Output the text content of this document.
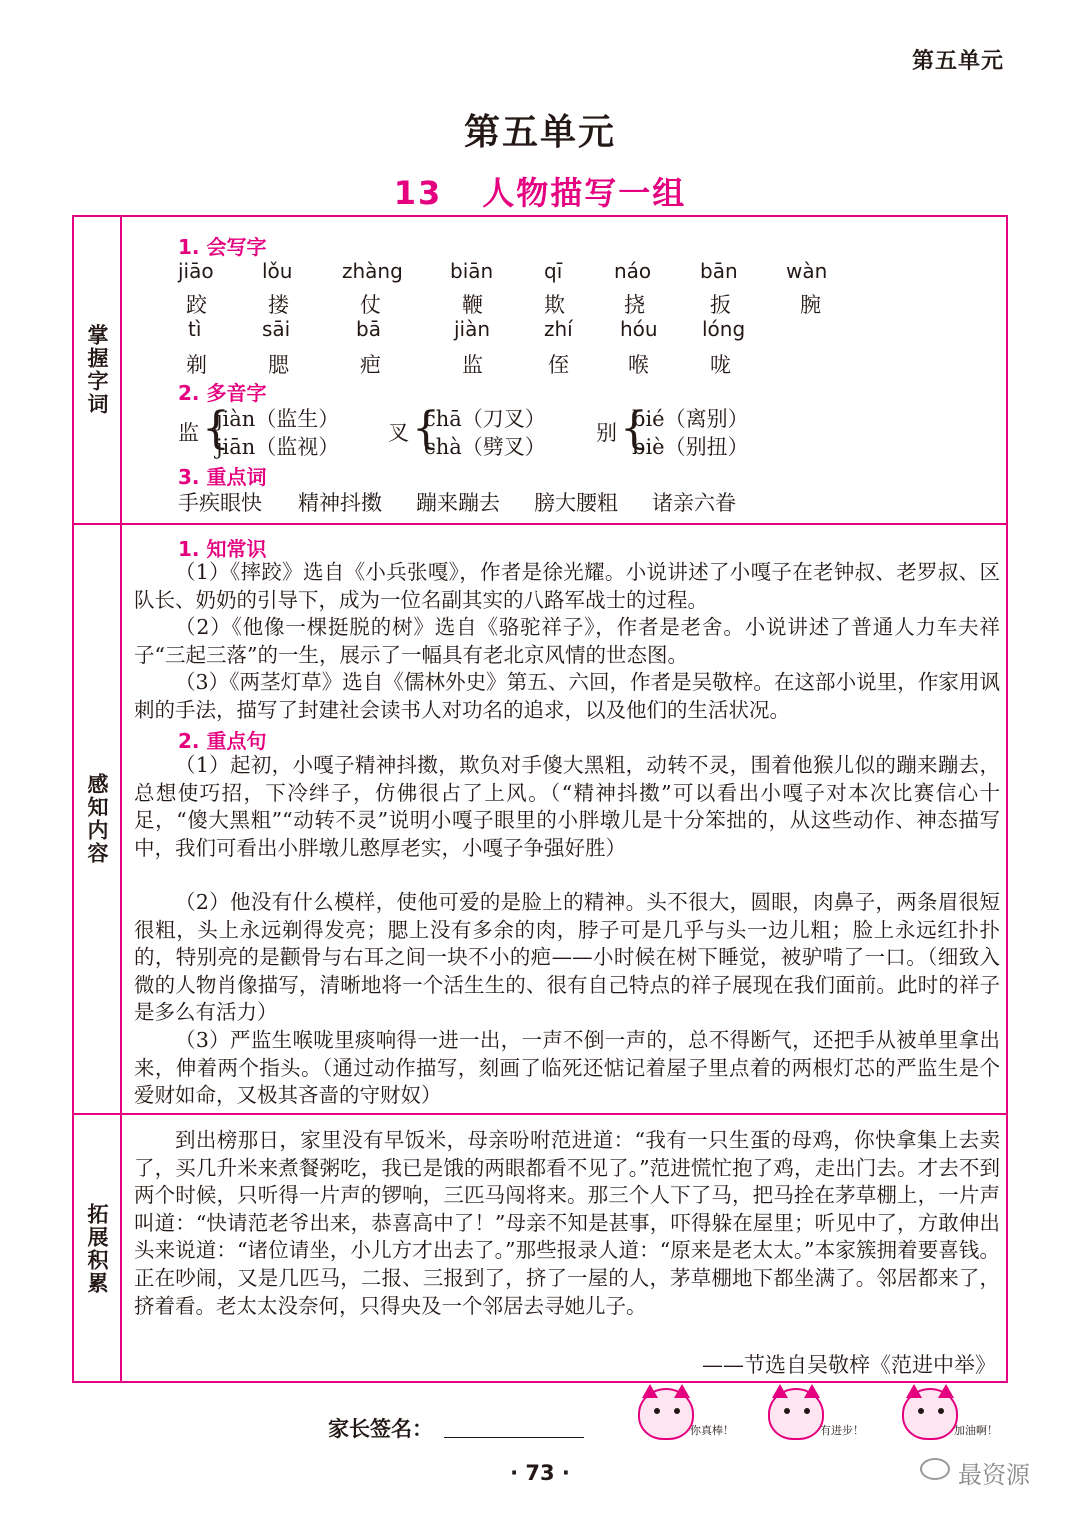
第五单元
第五单元
13 人物描写一组
掌握字词
感知内容
拓展积累
1. 会写字
jiāo lǒu zhàng biān	qī	náo bān wàn
跤	搂	仗	鞭	欺	挠	扳	腕
tì	sāi	bā	jiàn	zhí hóu lóng
剃	腮	疤	监	侄	喉	咙
2. 多音字
监 {
jiàn（监生）
jiān（监视）
叉 {
chā（刀叉）
chà（劈叉）
别 {
bié（离别）
biè（别扭）
3. 重点词
手疾眼快 精神抖擞 蹦来蹦去 膀大腰粗 诸亲六眷
1. 知常识
（1）《摔跤》选自《小兵张嘎》，作者是徐光耀。小说讲述了小嘎子在老钟叔、老罗叔、区队长、奶奶的引导下，成为一位名副其实的八路军战士的过程。
（2）《他像一棵挺脱的树》选自《骆驼祥子》，作者是老舍。小说讲述了普通人力车夫祥子“三起三落”的一生，展示了一幅具有老北京风情的世态图。
（3）《两茎灯草》选自《儒林外史》第五、六回，作者是吴敬梓。在这部小说里，作家用讽刺的手法，描写了封建社会读书人对功名的追求，以及他们的生活状况。
2. 重点句
（1）起初，小嘎子精神抖擞，欺负对手傻大黑粗，动转不灵，围着他猴儿似的蹦来蹦去，总想使巧招，下冷绊子，仿佛很占了上风。（“精神抖擞”可以看出小嘎子对本次比赛信心十足，“傻大黑粗”“动转不灵”说明小嘎子眼里的小胖墩儿是十分笨拙的，从这些动作、神态描写中，我们可看出小胖墩儿憨厚老实，小嘎子争强好胜）
（2）他没有什么模样，使他可爱的是脸上的精神。头不很大，圆眼，肉鼻子，两条眉很短很粗，头上永远剃得发亮；腮上没有多余的肉，脖子可是几乎与头一边儿粗；脸上永远红扑扑的，特别亮的是颧骨与右耳之间一块不小的疤——小时候在树下睡觉，被驴啃了一口。（细致入微的人物肖像描写，清晰地将一个活生生的、很有自己特点的祥子展现在我们面前。此时的祥子是多么有活力）
（3）严监生喉咙里痰响得一进一出，一声不倒一声的，总不得断气，还把手从被单里拿出来，伸着两个指头。（通过动作描写，刻画了临死还惦记着屋子里点着的两根灯芯的严监生是个爱财如命，又极其吝啬的守财奴）
到出榜那日，家里没有早饭米，母亲吩咐范进道：“我有一只生蛋的母鸡，你快拿集上去卖了，买几升米来煮餐粥吃，我已是饿的两眼都看不见了。”范进慌忙抱了鸡，走出门去。才去不到两个时候，只听得一片声的锣响，三匹马闯将来。那三个人下了马，把马拴在茅草棚上，一片声叫道：“快请范老爷出来，恭喜高中了！”母亲不知是甚事，吓得躲在屋里；听见中了，方敢伸出头来说道：“诸位请坐，小儿方才出去了。”那些报录人道：“原来是老太太。”本家簇拥着要喜钱。正在吵闹，又是几匹马，二报、三报到了，挤了一屋的人，茅草棚地下都坐满了。邻居都来了，挤着看。老太太没奈何，只得央及一个邻居去寻她儿子。
——节选自吴敬梓《范进中举》
家长签名：	你真棒！	有进步！	加油啊！
· 73 ·	最资源
